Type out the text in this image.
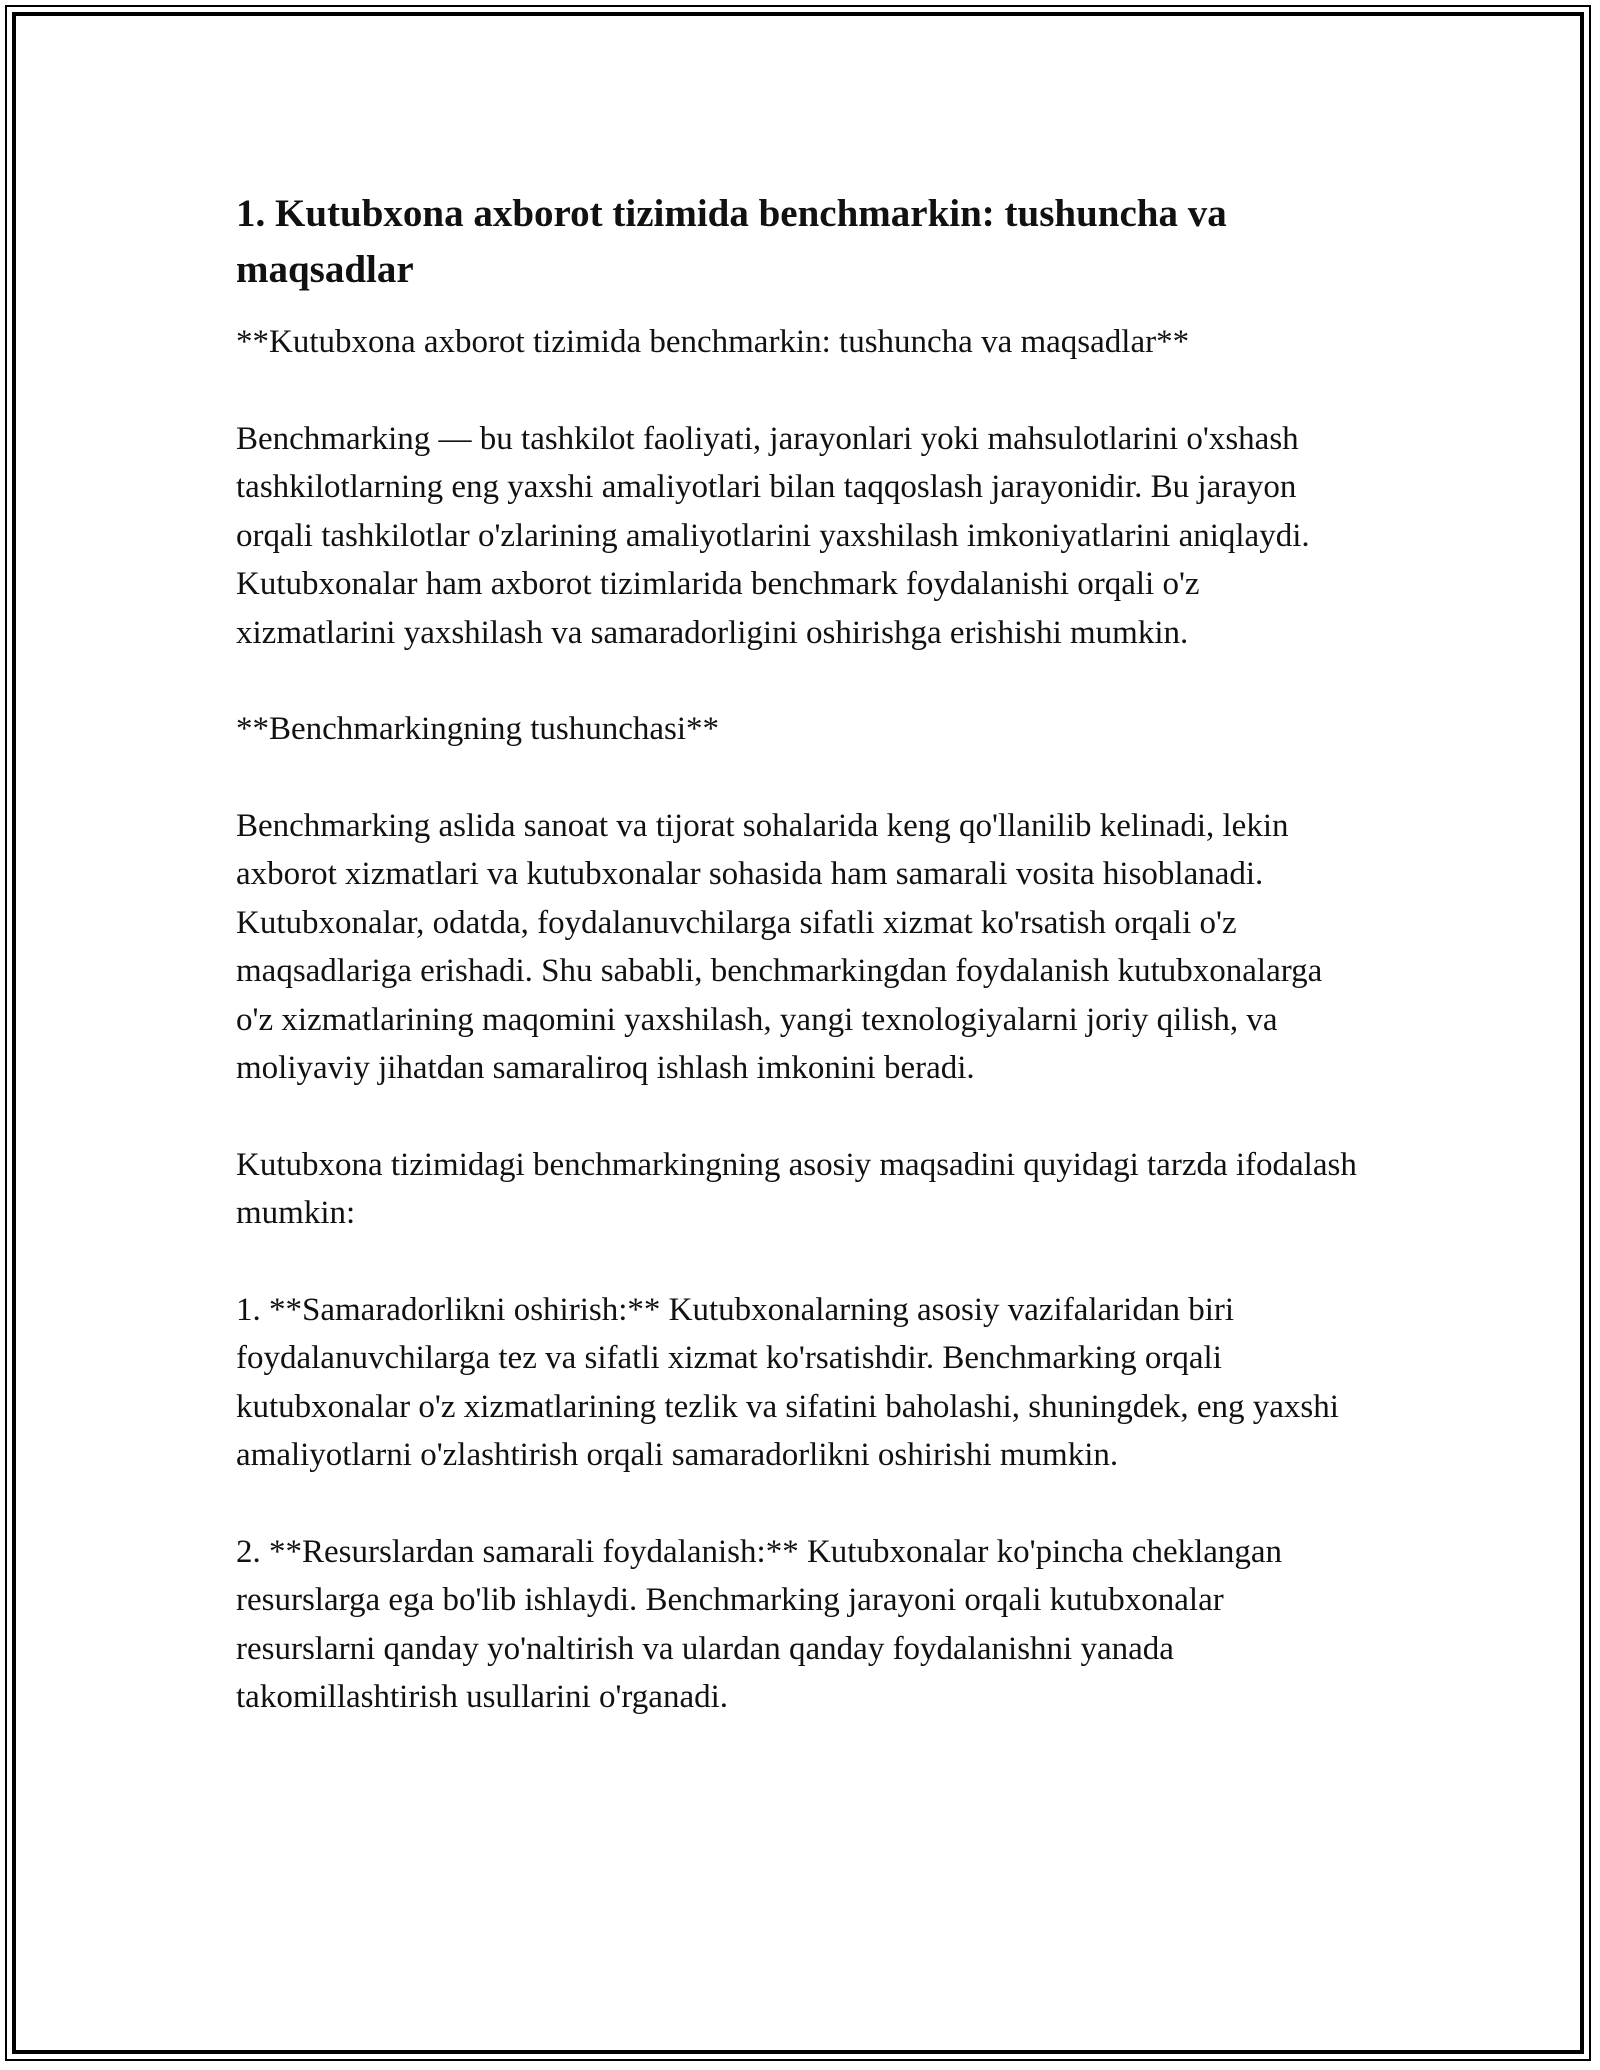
1. Kutubxona axborot tizimida benchmarkin: tushuncha va maqsadlar

**Kutubxona axborot tizimida benchmarkin: tushuncha va maqsadlar**

Benchmarking — bu tashkilot faoliyati, jarayonlari yoki mahsulotlarini o'xshash tashkilotlarning eng yaxshi amaliyotlari bilan taqqoslash jarayonidir. Bu jarayon orqali tashkilotlar o'zlarining amaliyotlarini yaxshilash imkoniyatlarini aniqlaydi. Kutubxonalar ham axborot tizimlarida benchmark foydalanishi orqali o'z xizmatlarini yaxshilash va samaradorligini oshirishga erishishi mumkin.

**Benchmarkingning tushunchasi**

Benchmarking aslida sanoat va tijorat sohalarida keng qo'llanilib kelinadi, lekin axborot xizmatlari va kutubxonalar sohasida ham samarali vosita hisoblanadi. Kutubxonalar, odatda, foydalanuvchilarga sifatli xizmat ko'rsatish orqali o'z maqsadlariga erishadi. Shu sababli, benchmarkingdan foydalanish kutubxonalarga o'z xizmatlarining maqomini yaxshilash, yangi texnologiyalarni joriy qilish, va moliyaviy jihatdan samaraliroq ishlash imkonini beradi.

Kutubxona tizimidagi benchmarkingning asosiy maqsadini quyidagi tarzda ifodalash mumkin:

1. **Samaradorlikni oshirish:** Kutubxonalarning asosiy vazifalaridan biri foydalanuvchilarga tez va sifatli xizmat ko'rsatishdir. Benchmarking orqali kutubxonalar o'z xizmatlarining tezlik va sifatini baholashi, shuningdek, eng yaxshi amaliyotlarni o'zlashtirish orqali samaradorlikni oshirishi mumkin.

2. **Resurslardan samarali foydalanish:** Kutubxonalar ko'pincha cheklangan resurslarga ega bo'lib ishlaydi. Benchmarking jarayoni orqali kutubxonalar resurslarni qanday yo'naltirish va ulardan qanday foydalanishni yanada takomillashtirish usullarini o'rganadi.
